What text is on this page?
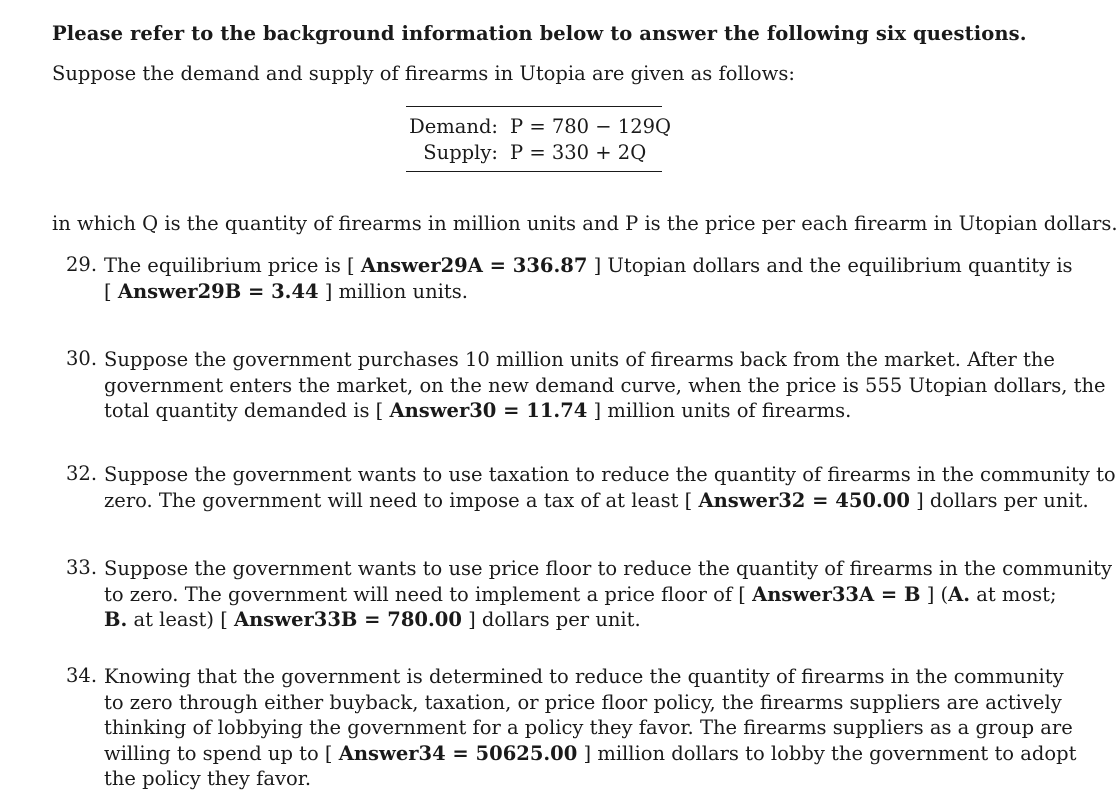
Please refer to the background information below to answer the following six questions.
Suppose the demand and supply of firearms in Utopia are given as follows:
Demand: P = 780 − 129Q
Supply: P = 330 + 2Q
in which Q is the quantity of firearms in million units and P is the price per each firearm in Utopian dollars.
29. The equilibrium price is [ Answer29A = 336.87 ] Utopian dollars and the equilibrium quantity is
[ Answer29B = 3.44 ] million units.
30. Suppose the government purchases 10 million units of firearms back from the market. After the
government enters the market, on the new demand curve, when the price is 555 Utopian dollars, the
total quantity demanded is [ Answer30 = 11.74 ] million units of firearms.
32. Suppose the government wants to use taxation to reduce the quantity of firearms in the community to
zero. The government will need to impose a tax of at least [ Answer32 = 450.00 ] dollars per unit.
33. Suppose the government wants to use price floor to reduce the quantity of firearms in the community
to zero. The government will need to implement a price floor of [ Answer33A = B ] (A. at most;
B. at least) [ Answer33B = 780.00 ] dollars per unit.
34. Knowing that the government is determined to reduce the quantity of firearms in the community
to zero through either buyback, taxation, or price floor policy, the firearms suppliers are actively
thinking of lobbying the government for a policy they favor. The firearms suppliers as a group are
willing to spend up to [ Answer34 = 50625.00 ] million dollars to lobby the government to adopt
the policy they favor.
